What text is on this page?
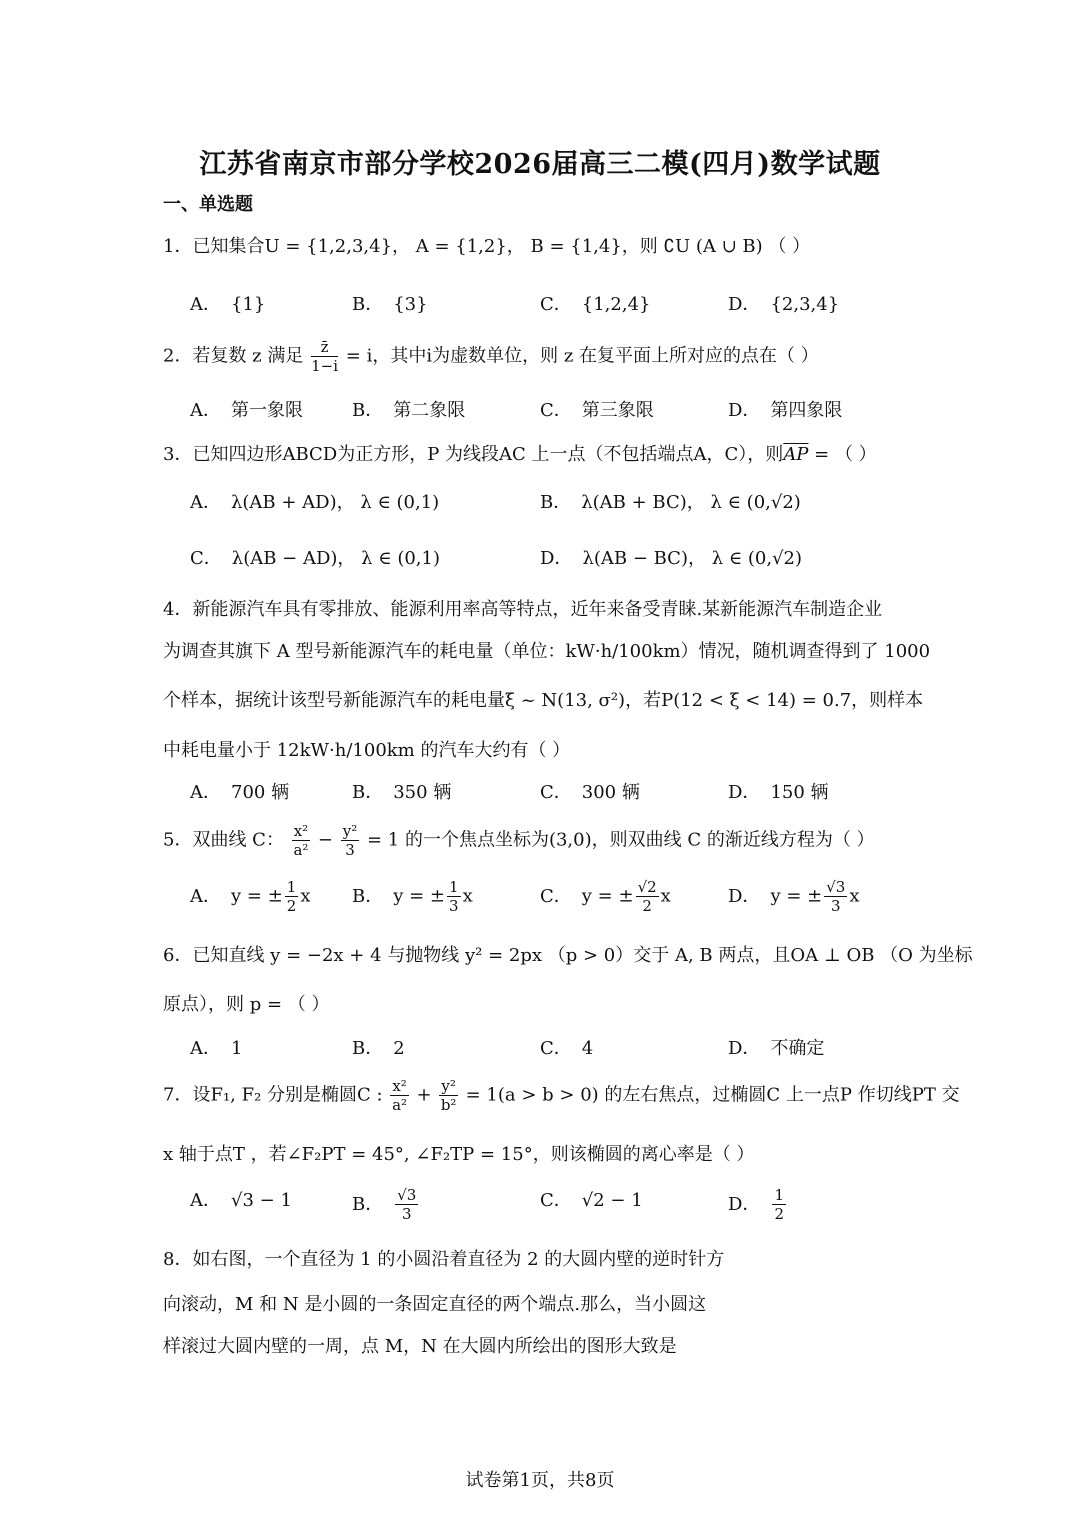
江苏省南京市部分学校2026届高三二模(四月)数学试题
一、单选题
1．已知集合U = {1,2,3,4}， A = {1,2}， B = {1,4}，则 ∁U (A ∪ B) （ ）
A． {1}	B． {3}	C． {1,2,4}	D． {2,3,4}
2．若复数 z 满足 $\frac{z̄}{1-i} = i$，其中i为虚数单位，则 z 在复平面上所对应的点在（ ）
A． 第一象限	B． 第二象限	C． 第三象限	D． 第四象限
3．已知四边形ABCD为正方形，P 为线段AC 上一点（不包括端点A，C），则$\overline{AP}$ = （ ）
A． λ(AB + AD)， λ ∈ (0,1)	B． λ(AB + BC)， λ ∈ (0,√2)
C． λ(AB − AD)， λ ∈ (0,1)	D． λ(AB − BC)， λ ∈ (0,√2)
4．新能源汽车具有零排放、能源利用率高等特点，近年来备受青睐.某新能源汽车制造企业
为调查其旗下 A 型号新能源汽车的耗电量（单位：kW·h/100km）情况，随机调查得到了 1000
个样本，据统计该型号新能源汽车的耗电量ξ ~ N(13, σ²)，若P(12 < ξ < 14) = 0.7，则样本
中耗电量小于 12kW·h/100km 的汽车大约有（ ）
A． 700 辆	B． 350 辆	C． 300 辆	D． 150 辆
5．双曲线 C： $\frac{\text{x²}}{\text{a²}} - \frac{\text{y²}}{3} = 1$ 的一个焦点坐标为(3,0)，则双曲线 C 的渐近线方程为（ ）
A． y = ± $\frac{1}{2}$ x B． y = ± $\frac{1}{3}$ x	C． y = ± $\frac{√2}{2}$ x	D． y = ± $\frac{√3}{3}$ x
6．已知直线 y = −2x + 4 与抛物线 y² = 2px （p > 0）交于 A, B 两点，且OA ⊥ OB （O 为坐标
原点），则 p = （ ）
A． 1	B． 2	C． 4	D． 不确定
7．设F₁, F₂ 分别是椭圆C : $\frac{\text{x²}}{\text{a²}} + \frac{\text{y²}}{\text{b²}} = 1(a > b > 0)$ 的左右焦点，过椭圆C 上一点P 作切线PT 交
x 轴于点T ，若∠F₂PT = 45°, ∠F₂TP = 15°，则该椭圆的离心率是（ ）
A． √3 − 1	B． $\frac{√3}{3}$	C． √2 − 1	D． $\frac{1}{2}$
8．如右图，一个直径为 1 的小圆沿着直径为 2 的大圆内壁的逆时针方
向滚动，M 和 N 是小圆的一条固定直径的两个端点.那么，当小圆这
样滚过大圆内壁的一周，点 M，N 在大圆内所绘出的图形大致是
试卷第1页，共8页
